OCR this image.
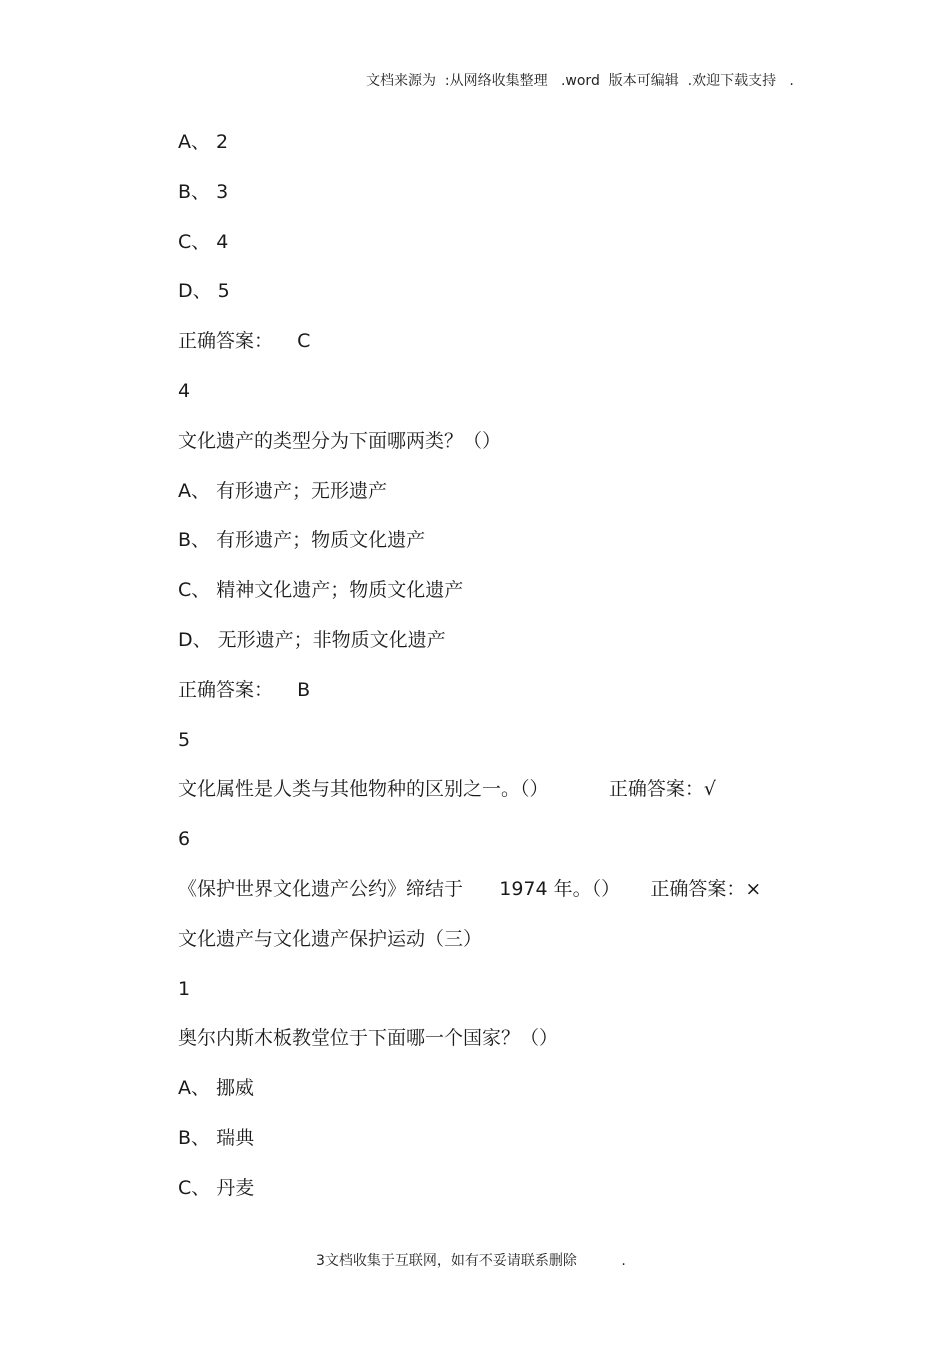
文档来源为  :从网络收集整理   .word  版本可编辑  .欢迎下载支持   .
A、 2
B、 3
C、 4
D、 5
正确答案：    C
4
文化遗产的类型分为下面哪两类？（）
A、 有形遗产；无形遗产
B、 有形遗产；物质文化遗产
C、 精神文化遗产；物质文化遗产
D、 无形遗产；非物质文化遗产
正确答案：    B
5
文化属性是人类与其他物种的区别之一。（）          正确答案：√
6
《保护世界文化遗产公约》缔结于      1974 年。（）     正确答案：×
文化遗产与文化遗产保护运动（三）
1
奥尔内斯木板教堂位于下面哪一个国家？（）
A、 挪威
B、 瑞典
C、 丹麦
3文档收集于互联网，如有不妥请联系删除          .
